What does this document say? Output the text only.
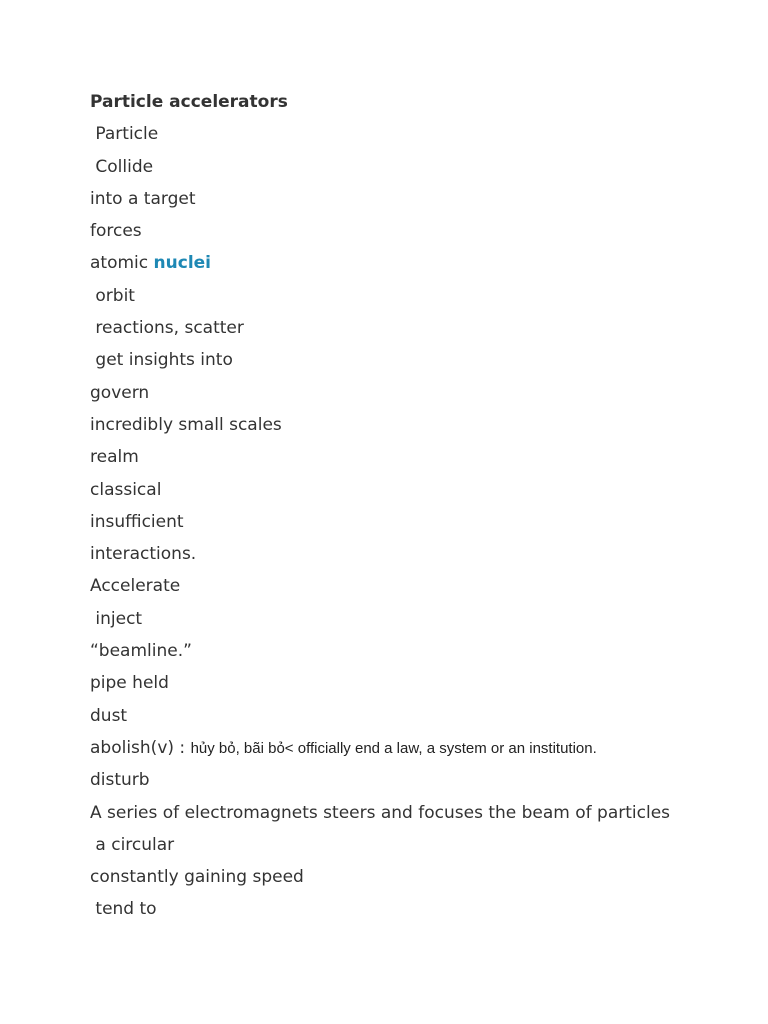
Particle accelerators
Particle
Collide
into a target
forces
atomic nuclei
orbit
reactions, scatter
get insights into
govern
incredibly small scales
realm
classical
insufficient
interactions.
Accelerate
inject
“beamline.”
pipe held
dust
abolish(v) : hủy bỏ, bãi bỏ< officially end a law, a system or an institution.
disturb
A series of electromagnets steers and focuses the beam of particles
a circular
constantly gaining speed
tend to
